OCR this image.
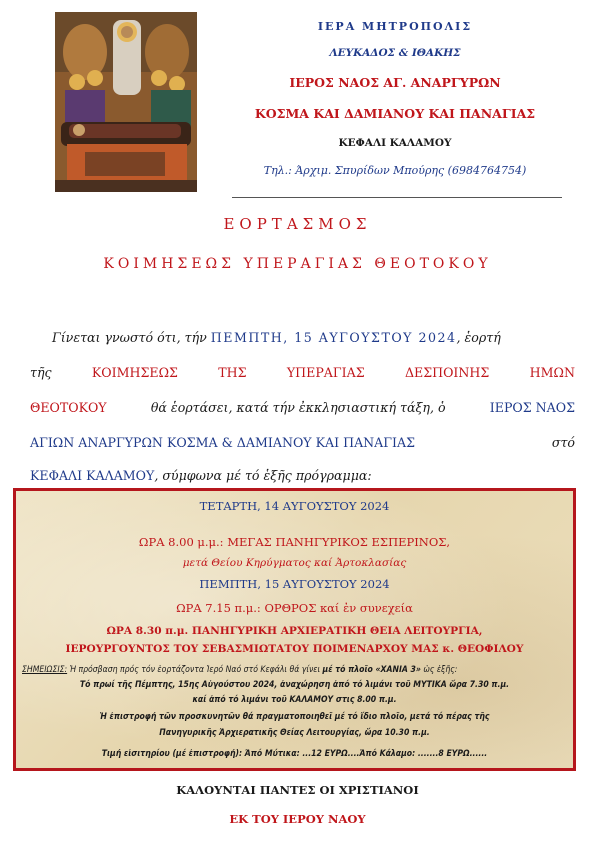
ΙΕΡΑ ΜΗΤΡΟΠΟΛΙΣ
ΛΕΥΚΑΔΟΣ & ΙΘΑΚΗΣ
ΙΕΡΟΣ ΝΑΟΣ ΑΓ. ΑΝΑΡΓΥΡΩΝ
ΚΟΣΜΑ ΚΑΙ ΔΑΜΙΑΝΟΥ ΚΑΙ ΠΑΝΑΓΙΑΣ
ΚΕΦΑΛΙ ΚΑΛΑΜΟΥ
Τηλ.: Άρχιμ. Σπυρίδων Μπούρης (6984764754)
ΕΟΡΤΑΣΜΟΣ
ΚΟΙΜΗΣΕΩΣ ΥΠΕΡΑΓΙΑΣ ΘΕΟΤΟΚΟΥ
Γίνεται γνωστό ότι, τήν ΠΕΜΠΤΗ, 15 ΑΥΓΟΥΣΤΟΥ 2024, ἑορτή
τῆς	ΚΟΙΜΗΣΕΩΣ	ΤΗΣ	ΥΠΕΡΑΓΙΑΣ	ΔΕΣΠΟΙΝΗΣ	ΗΜΩΝ
ΘΕΟΤΟΚΟΥ	θά ἑορτάσει, κατά τήν ἐκκλησιαστική τάξη, ὁ	ΙΕΡΟΣ ΝΑΟΣ
ΑΓΙΩΝ ΑΝΑΡΓΥΡΩΝ ΚΟΣΜΑ & ΔΑΜΙΑΝΟΥ ΚΑΙ ΠΑΝΑΓΙΑΣ	στό
ΚΕΦΑΛΙ ΚΑΛΑΜΟΥ, σύμφωνα μέ τό ἑξῆς πρόγραμμα:
ΤΕΤΑΡΤΗ, 14 ΑΥΓΟΥΣΤΟΥ 2024
ΩΡΑ 8.00 μ.μ.: ΜΕΓΑΣ ΠΑΝΗΓΥΡΙΚΟΣ ΕΣΠΕΡΙΝΟΣ,
μετά Θείου Κηρύγματος καί Ἀρτοκλασίας
ΠΕΜΠΤΗ, 15 ΑΥΓΟΥΣΤΟΥ 2024
ΩΡΑ 7.15 π.μ.: ΟΡΘΡΟΣ καί ἐν συνεχεία
ΩΡΑ 8.30 π.μ. ΠΑΝΗΓΥΡΙΚΗ ΑΡΧΙΕΡΑΤΙΚΗ ΘΕΙΑ ΛΕΙΤΟΥΡΓΙΑ,
ΙΕΡΟΥΡΓΟΥΝΤΟΣ ΤΟΥ ΣΕΒΑΣΜΙΩΤΑΤΟΥ ΠΟΙΜΕΝΑΡΧΟΥ ΜΑΣ κ. ΘΕΟΦΙΛΟΥ
ΣΗΜΕΙΩΣΙΣ: Ἡ πρόσβαση πρός τόν ἑορτάζοντα Ἱερό Ναό στό Κεφάλι θά γίνει μέ τό πλοῖο «ΧΑΝΙΑ 3» ὡς ἑξῆς:
Τό πρωί τῆς Πέμπτης, 15ης Αὐγούστου 2024, ἀναχώρηση ἀπό τό λιμάνι τοῦ ΜΥΤΙΚΑ ὥρα 7.30 π.μ.
καί ἀπό τό λιμάνι τοῦ ΚΑΛΑΜΟΥ στις 8.00 π.μ.
Ἡ ἐπιστροφή τῶν προσκυνητῶν θά πραγματοποιηθεῖ μέ τό ἴδιο πλοῖο, μετά τό πέρας τῆς
Πανηγυρικῆς Ἀρχιερατικῆς Θείας Λειτουργίας, ὥρα 10.30 π.μ.
Τιμή εἰσιτηρίου (μέ ἐπιστροφή): Ἀπό Μύτικα: ...12 ΕΥΡΩ....Ἀπό Κάλαμο: .......8 ΕΥΡΩ......
ΚΑΛΟΥΝΤΑΙ ΠΑΝΤΕΣ ΟΙ ΧΡΙΣΤΙΑΝΟΙ
ΕΚ ΤΟΥ ΙΕΡΟΥ ΝΑΟΥ
